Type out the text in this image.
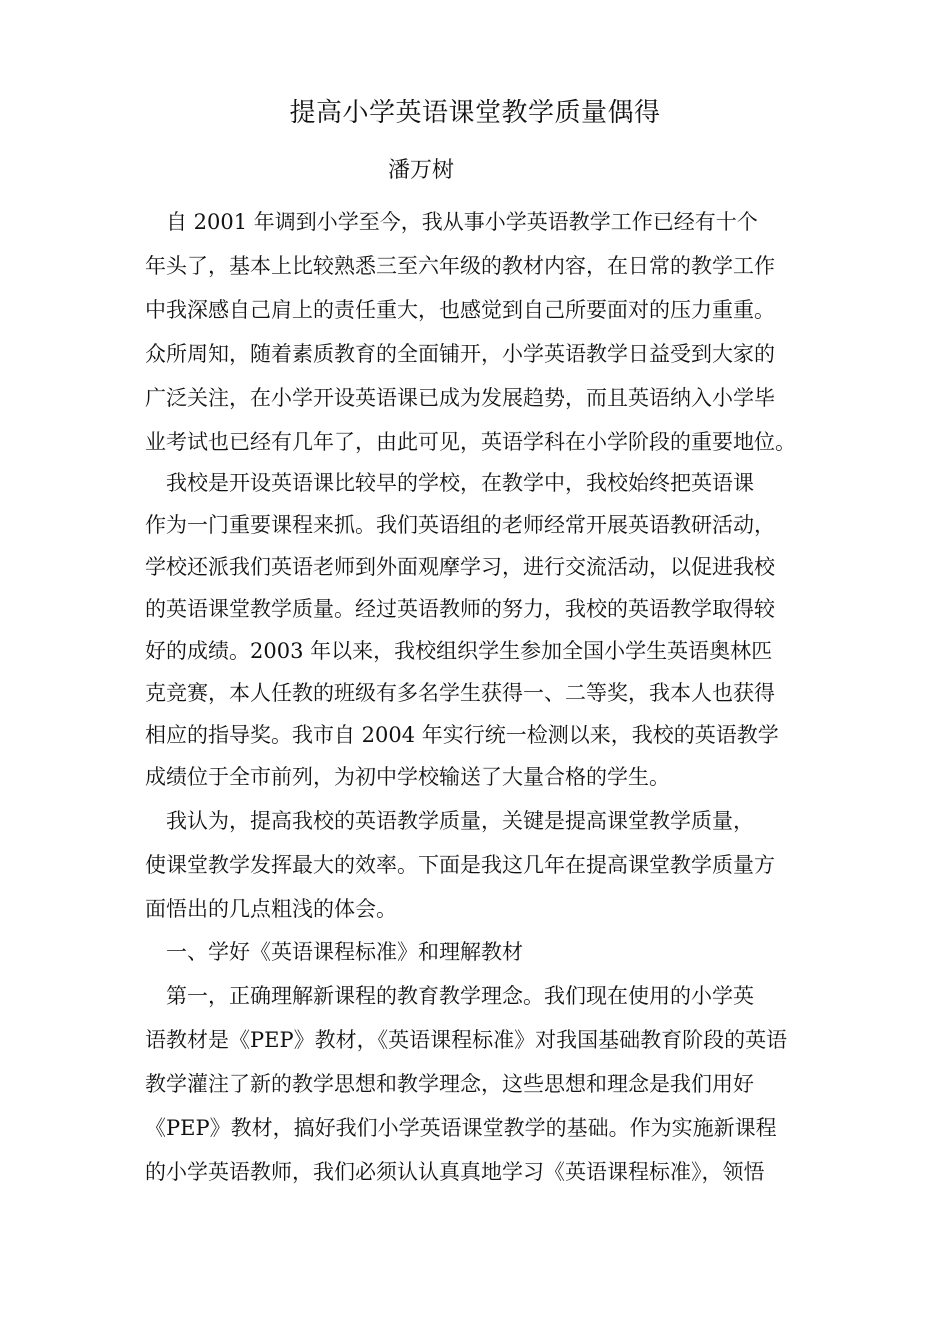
提高小学英语课堂教学质量偶得
潘万树
　自 2001 年调到小学至今，我从事小学英语教学工作已经有十个
年头了，基本上比较熟悉三至六年级的教材内容，在日常的教学工作
中我深感自己肩上的责任重大，也感觉到自己所要面对的压力重重。
众所周知，随着素质教育的全面铺开，小学英语教学日益受到大家的
广泛关注，在小学开设英语课已成为发展趋势，而且英语纳入小学毕
业考试也已经有几年了，由此可见，英语学科在小学阶段的重要地位。
　我校是开设英语课比较早的学校，在教学中，我校始终把英语课
作为一门重要课程来抓。我们英语组的老师经常开展英语教研活动，
学校还派我们英语老师到外面观摩学习，进行交流活动，以促进我校
的英语课堂教学质量。经过英语教师的努力，我校的英语教学取得较
好的成绩。2003 年以来，我校组织学生参加全国小学生英语奥林匹
克竞赛，本人任教的班级有多名学生获得一、二等奖，我本人也获得
相应的指导奖。我市自 2004 年实行统一检测以来，我校的英语教学
成绩位于全市前列，为初中学校输送了大量合格的学生。
　我认为，提高我校的英语教学质量，关键是提高课堂教学质量，
使课堂教学发挥最大的效率。下面是我这几年在提高课堂教学质量方
面悟出的几点粗浅的体会。
　一、学好《英语课程标准》和理解教材
　第一，正确理解新课程的教育教学理念。我们现在使用的小学英
语教材是《PEP》教材，《英语课程标准》对我国基础教育阶段的英语
教学灌注了新的教学思想和教学理念，这些思想和理念是我们用好
《PEP》教材，搞好我们小学英语课堂教学的基础。作为实施新课程
的小学英语教师，我们必须认认真真地学习《英语课程标准》，领悟
